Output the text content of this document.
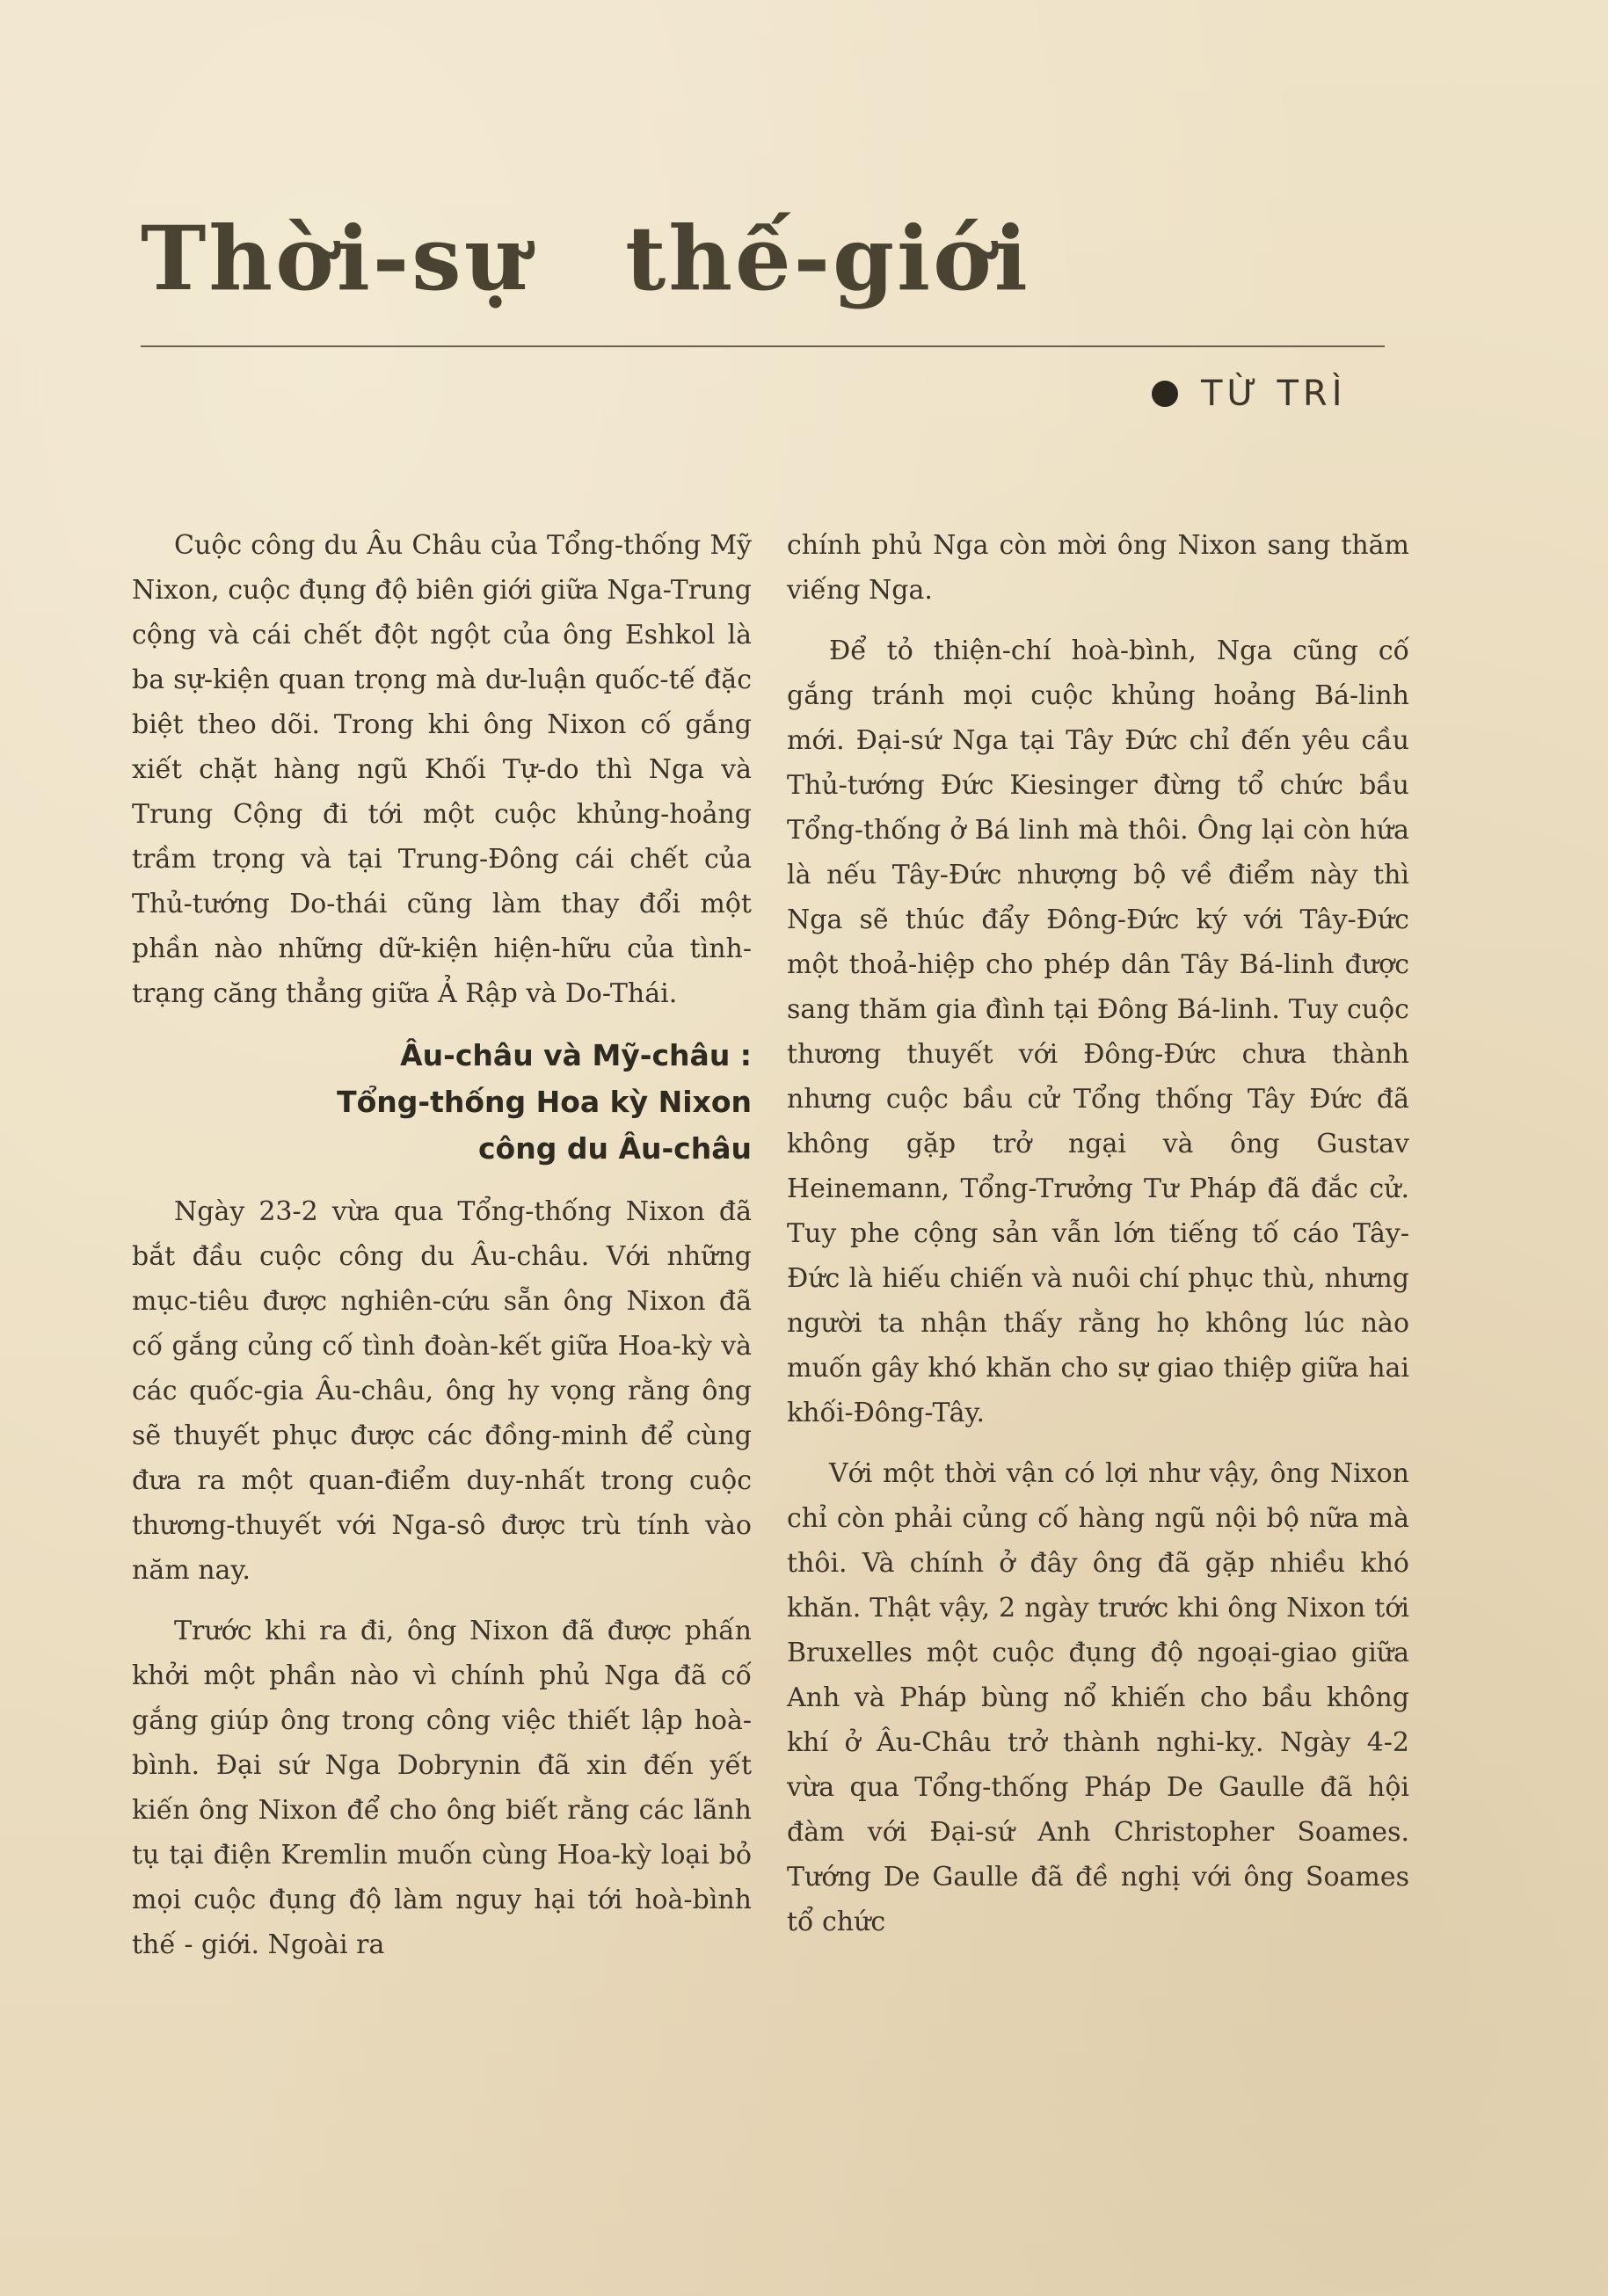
Thời-sự thế-giới
TỪ TRÌ

Cuộc công du Âu Châu của Tổng-thống Mỹ Nixon, cuộc đụng độ biên giới giữa Nga-Trung cộng và cái chết đột ngột của ông Eshkol là ba sự-kiện quan trọng mà dư-luận quốc-tế đặc biệt theo dõi. Trong khi ông Nixon cố gắng xiết chặt hàng ngũ Khối Tự-do thì Nga và Trung Cộng đi tới một cuộc khủng-hoảng trầm trọng và tại Trung-Đông cái chết của Thủ-tướng Do-thái cũng làm thay đổi một phần nào những dữ-kiện hiện-hữu của tình-trạng căng thẳng giữa Ả Rập và Do-Thái.

Âu-châu và Mỹ-châu :
Tổng-thống Hoa kỳ Nixon
công du Âu-châu

Ngày 23-2 vừa qua Tổng-thống Nixon đã bắt đầu cuộc công du Âu-châu. Với những mục-tiêu được nghiên-cứu sẵn ông Nixon đã cố gắng củng cố tình đoàn-kết giữa Hoa-kỳ và các quốc-gia Âu-châu, ông hy vọng rằng ông sẽ thuyết phục được các đồng-minh để cùng đưa ra một quan-điểm duy-nhất trong cuộc thương-thuyết với Nga-sô được trù tính vào năm nay.

Trước khi ra đi, ông Nixon đã được phấn khởi một phần nào vì chính phủ Nga đã cố gắng giúp ông trong công việc thiết lập hoà-bình. Đại sứ Nga Dobrynin đã xin đến yết kiến ông Nixon để cho ông biết rằng các lãnh tụ tại điện Kremlin muốn cùng Hoa-kỳ loại bỏ mọi cuộc đụng độ làm nguy hại tới hoà-bình thế - giới. Ngoài ra

chính phủ Nga còn mời ông Nixon sang thăm viếng Nga.

Để tỏ thiện-chí hoà-bình, Nga cũng cố gắng tránh mọi cuộc khủng hoảng Bá-linh mới. Đại-sứ Nga tại Tây Đức chỉ đến yêu cầu Thủ-tướng Đức Kiesinger đừng tổ chức bầu Tổng-thống ở Bá linh mà thôi. Ông lại còn hứa là nếu Tây-Đức nhượng bộ về điểm này thì Nga sẽ thúc đẩy Đông-Đức ký với Tây-Đức một thoả-hiệp cho phép dân Tây Bá-linh được sang thăm gia đình tại Đông Bá-linh. Tuy cuộc thương thuyết với Đông-Đức chưa thành nhưng cuộc bầu cử Tổng thống Tây Đức đã không gặp trở ngại và ông Gustav Heinemann, Tổng-Trưởng Tư Pháp đã đắc cử. Tuy phe cộng sản vẫn lớn tiếng tố cáo Tây-Đức là hiếu chiến và nuôi chí phục thù, nhưng người ta nhận thấy rằng họ không lúc nào muốn gây khó khăn cho sự giao thiệp giữa hai khối-Đông-Tây.

Với một thời vận có lợi như vậy, ông Nixon chỉ còn phải củng cố hàng ngũ nội bộ nữa mà thôi. Và chính ở đây ông đã gặp nhiều khó khăn. Thật vậy, 2 ngày trước khi ông Nixon tới Bruxelles một cuộc đụng độ ngoại-giao giữa Anh và Pháp bùng nổ khiến cho bầu không khí ở Âu-Châu trở thành nghi-kỵ. Ngày 4-2 vừa qua Tổng-thống Pháp De Gaulle đã hội đàm với Đại-sứ Anh Christopher Soames. Tướng De Gaulle đã đề nghị với ông Soames tổ chức
